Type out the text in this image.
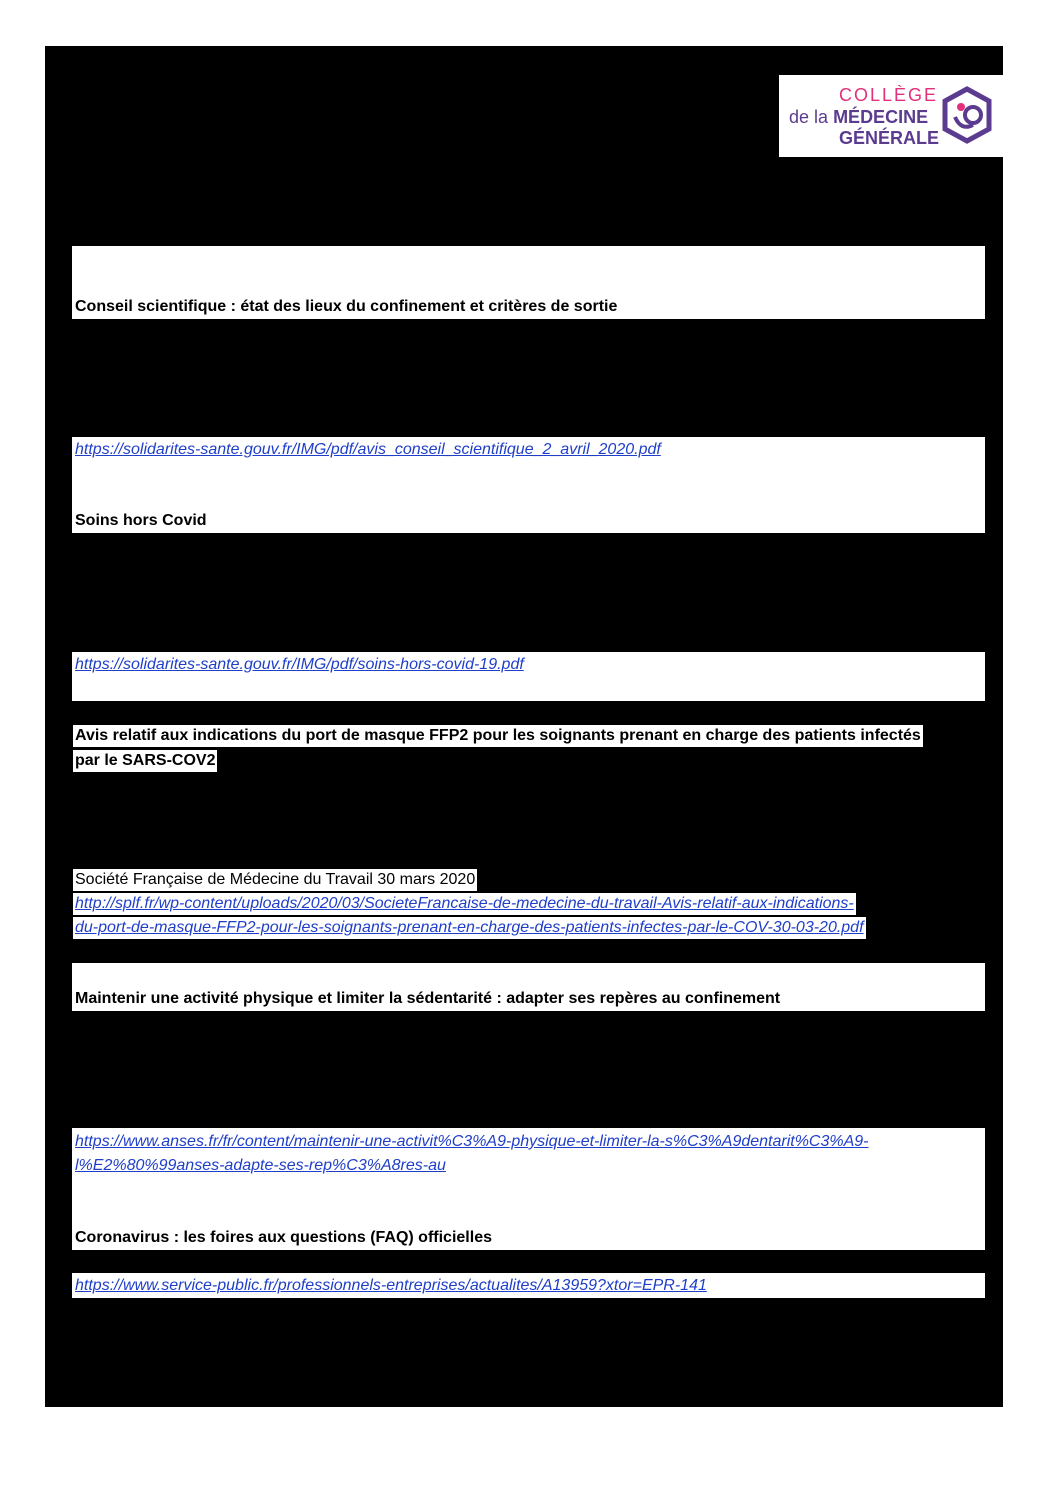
COLLÈGE
de la MÉDECINE
GÉNÉRALE
Conseil scientifique : état des lieux du confinement et critères de sortie
https://solidarites-sante.gouv.fr/IMG/pdf/avis_conseil_scientifique_2_avril_2020.pdf
Soins hors Covid
https://solidarites-sante.gouv.fr/IMG/pdf/soins-hors-covid-19.pdf
Avis relatif aux indications du port de masque FFP2 pour les soignants prenant en charge des patients infectés
par le SARS-COV2
Société Française de Médecine du Travail 30 mars 2020
http://splf.fr/wp-content/uploads/2020/03/SocieteFrancaise-de-medecine-du-travail-Avis-relatif-aux-indications-
du-port-de-masque-FFP2-pour-les-soignants-prenant-en-charge-des-patients-infectes-par-le-COV-30-03-20.pdf
Maintenir une activité physique et limiter la sédentarité : adapter ses repères au confinement
https://www.anses.fr/fr/content/maintenir-une-activit%C3%A9-physique-et-limiter-la-s%C3%A9dentarit%C3%A9-
l%E2%80%99anses-adapte-ses-rep%C3%A8res-au
Coronavirus : les foires aux questions (FAQ) officielles
https://www.service-public.fr/professionnels-entreprises/actualites/A13959?xtor=EPR-141
